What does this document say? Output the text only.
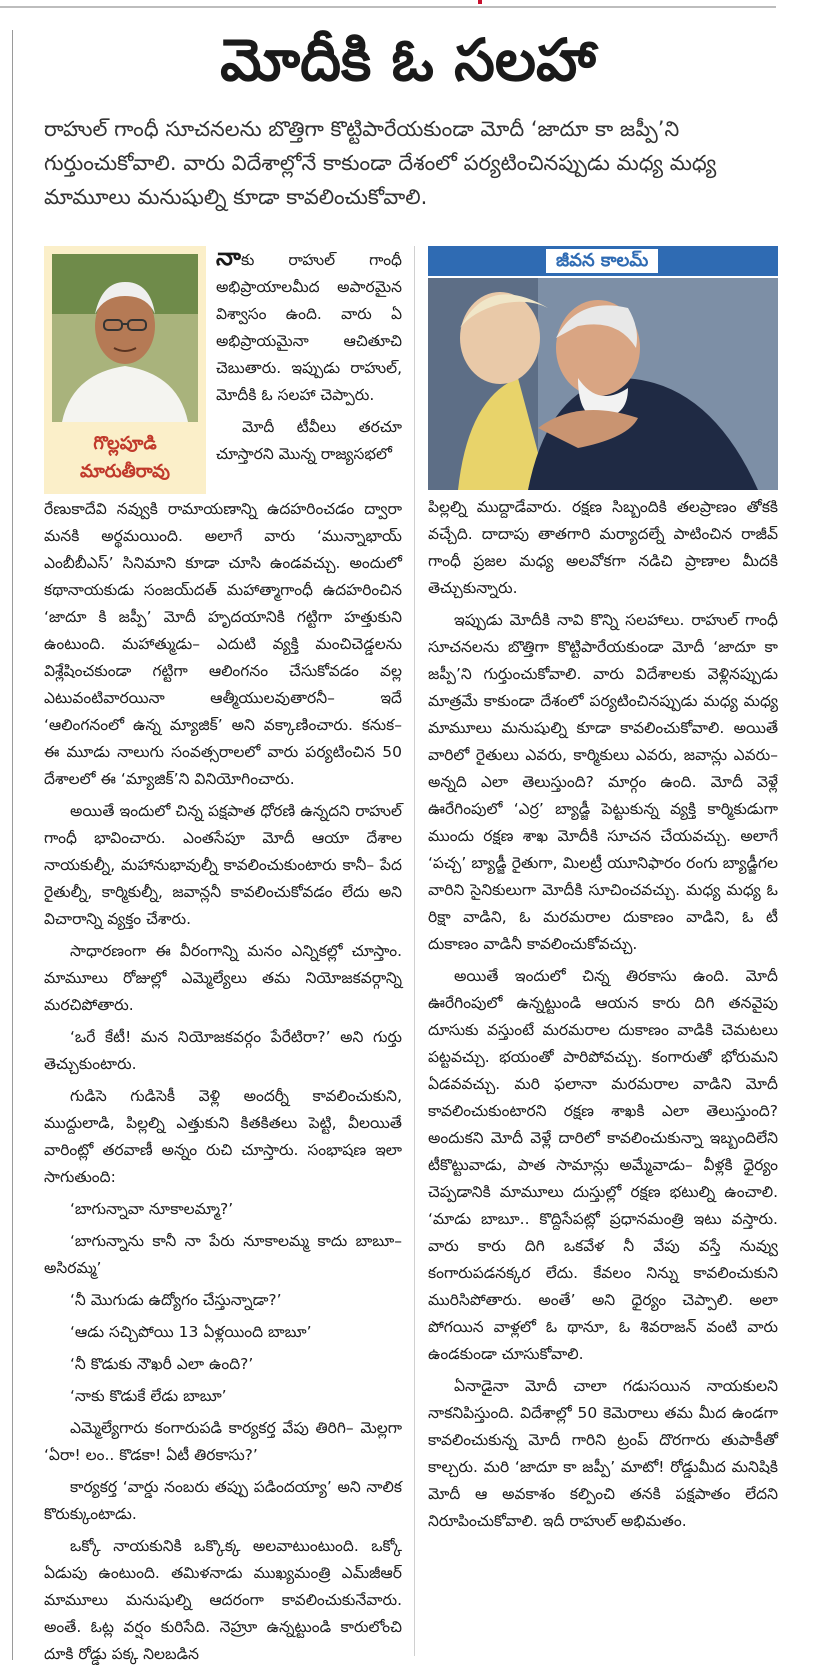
మోదీకి ఓ సలహా
రాహుల్ గాంధీ సూచనలను బొత్తిగా కొట్టిపారేయకుండా మోదీ ‘జాదూ కా జప్పీ’ని గుర్తుంచుకోవాలి. వారు విదేశాల్లోనే కాకుండా దేశంలో పర్యటించినప్పుడు మధ్య మధ్య మామూలు మనుషుల్ని కూడా కావలించుకోవాలి.
గొల్లపూడి
మారుతీరావు

నాకు రాహుల్ గాంధీ అభిప్రాయాలమీద అపారమైన విశ్వాసం ఉంది. వారు ఏ అభిప్రాయమైనా ఆచితూచి చెబుతారు. ఇప్పుడు రాహుల్, మోదీకి ఓ సలహా చెప్పారు.

మోదీ టీవీలు తరచూ చూస్తారని మొన్న రాజ్యసభలో

రేణుకాదేవి నవ్వుకి రామాయణాన్ని ఉదహరించడం ద్వారా మనకి అర్థమయింది. అలాగే వారు ‘మున్నాభాయ్ ఎంబీబీఎస్’ సినిమాని కూడా చూసి ఉండవచ్చు. అందులో కథానాయకుడు సంజయ్‌దత్ మహాత్మాగాంధీ ఉదహరించిన ‘జాదూ కి జప్పీ’ మోదీ హృదయానికి గట్టిగా హత్తుకుని ఉంటుంది. మహాత్ముడు– ఎదుటి వ్యక్తి మంచిచెడ్డలను విశ్లేషించకుండా గట్టిగా ఆలింగనం చేసుకోవడం వల్ల ఎటువంటివారయినా ఆత్మీయులవుతారనీ– ఇదే ‘ఆలింగనంలో ఉన్న మ్యాజిక్’ అని వక్కాణించారు. కనుక– ఈ మూడు నాలుగు సంవత్సరాలలో వారు పర్యటించిన 50 దేశాలలో ఈ ‘మ్యాజిక్’ని వినియోగించారు.

అయితే ఇందులో చిన్న పక్షపాత ధోరణి ఉన్నదని రాహుల్ గాంధీ భావించారు. ఎంతసేపూ మోదీ ఆయా దేశాల నాయకుల్నీ, మహానుభావుల్నీ కావలించుకుంటారు కానీ– పేద రైతుల్నీ, కార్మికుల్నీ, జవాన్లనీ కావలించుకోవడం లేదు అని విచారాన్ని వ్యక్తం చేశారు.

సాధారణంగా ఈ వీరంగాన్ని మనం ఎన్నికల్లో చూస్తాం. మామూలు రోజుల్లో ఎమ్మెల్యేలు తమ నియోజకవర్గాన్ని మరచిపోతారు.

‘ఒరే కేటీ! మన నియోజకవర్గం పేరేటిరా?’ అని గుర్తు తెచ్చుకుంటారు.

గుడిసె గుడిసెకీ వెళ్లి అందర్నీ కావలించుకుని, ముద్దులాడి, పిల్లల్ని ఎత్తుకుని కితకితలు పెట్టి, వీలయితే వారింట్లో తరవాణీ అన్నం రుచి చూస్తారు. సంభాషణ ఇలా సాగుతుంది:

‘బాగున్నావా నూకాలమ్మా?’

‘బాగున్నాను కానీ నా పేరు నూకాలమ్మ కాదు బాబూ– అసిరమ్మ’

‘నీ మొగుడు ఉద్యోగం చేస్తున్నాడా?’

‘ఆడు సచ్చిపోయి 13 ఏళ్లయింది బాబూ’

‘నీ కొడుకు నౌఖరీ ఎలా ఉంది?’

‘నాకు కొడుకే లేడు బాబూ’

ఎమ్మెల్యేగారు కంగారుపడి కార్యకర్త వేపు తిరిగి– మెల్లగా ‘ఏరా! లం.. కొడకా! ఏటీ తిరకాసు?’

కార్యకర్త ‘వార్డు నంబరు తప్పు పడిందయ్యా’ అని నాలిక కొరుక్కుంటాడు.

ఒక్కో నాయకునికి ఒక్కొక్క అలవాటుంటుంది. ఒక్కో ఏడుపు ఉంటుంది. తమిళనాడు ముఖ్యమంత్రి ఎమ్‌జీఆర్ మామూలు మనుషుల్ని ఆదరంగా కావలించుకునేవారు. అంతే. ఓట్ల వర్షం కురిసేది. నెహ్రూ ఉన్నట్టుండి కారులోంచి దూకి రోడ్డు పక్క నిలబడిన

జీవన కాలమ్

పిల్లల్ని ముద్దాడేవారు. రక్షణ సిబ్బందికి తలప్రాణం తోకకి వచ్చేది. దాదాపు తాతగారి మర్యాదల్నే పాటించిన రాజీవ్ గాంధీ ప్రజల మధ్య అలవోకగా నడిచి ప్రాణాల మీదకి తెచ్చుకున్నారు.

ఇప్పుడు మోదీకి నావి కొన్ని సలహాలు. రాహుల్ గాంధీ సూచనలను బొత్తిగా కొట్టిపారేయకుండా మోదీ ‘జాదూ కా జప్పీ’ని గుర్తుంచుకోవాలి. వారు విదేశాలకు వెళ్లినప్పుడు మాత్రమే కాకుండా దేశంలో పర్యటించినప్పుడు మధ్య మధ్య మామూలు మనుషుల్ని కూడా కావలించుకోవాలి. అయితే వారిలో రైతులు ఎవరు, కార్మికులు ఎవరు, జవాన్లు ఎవరు– అన్నది ఎలా తెలుస్తుంది? మార్గం ఉంది. మోదీ వెళ్లే ఊరేగింపులో ‘ఎర్ర’ బ్యాడ్జీ పెట్టుకున్న వ్యక్తి కార్మికుడుగా ముందు రక్షణ శాఖ మోదీకి సూచన చేయవచ్చు. అలాగే ‘పచ్చ’ బ్యాడ్జీ రైతుగా, మిలట్రీ యూనిఫారం రంగు బ్యాడ్జీగల వారిని సైనికులుగా మోదీకి సూచించవచ్చు. మధ్య మధ్య ఓ రిక్షా వాడిని, ఓ మరమరాల దుకాణం వాడిని, ఓ టీ దుకాణం వాడినీ కావలించుకోవచ్చు.

అయితే ఇందులో చిన్న తిరకాసు ఉంది. మోదీ ఊరేగింపులో ఉన్నట్టుండి ఆయన కారు దిగి తనవైపు దూసుకు వస్తుంటే మరమరాల దుకాణం వాడికి చెమటలు పట్టవచ్చు. భయంతో పారిపోవచ్చు. కంగారుతో భోరుమని ఏడవవచ్చు. మరి ఫలానా మరమరాల వాడిని మోదీ కావలించుకుంటారని రక్షణ శాఖకి ఎలా తెలుస్తుంది? అందుకని మోదీ వెళ్లే దారిలో కావలించుకున్నా ఇబ్బందిలేని టీకొట్టువాడు, పాత సామాన్లు అమ్మేవాడు– వీళ్లకి ధైర్యం చెప్పడానికి మామూలు దుస్తుల్లో రక్షణ భటుల్ని ఉంచాలి. ‘మాడు బాబూ.. కొద్దిసేపట్లో ప్రధానమంత్రి ఇటు వస్తారు. వారు కారు దిగి ఒకవేళ నీ వేపు వస్తే నువ్వు కంగారుపడనక్కర లేదు. కేవలం నిన్ను కావలించుకుని మురిసిపోతారు. అంతే’ అని ధైర్యం చెప్పాలి. అలా పోగయిన వాళ్లలో ఓ థానూ, ఓ శివరాజన్ వంటి వారు ఉండకుండా చూసుకోవాలి.

ఏనాడైనా మోదీ చాలా గడుసయిన నాయకులని నాకనిపిస్తుంది. విదేశాల్లో 50 కెమెరాలు తమ మీద ఉండగా కావలించుకున్న మోదీ గారిని ట్రంప్ దొరగారు తుపాకీతో కాల్చరు. మరి ‘జాదూ కా జప్పీ’ మాటో! రోడ్డుమీద మనిషికి మోదీ ఆ అవకాశం కల్పించి తనకి పక్షపాతం లేదని నిరూపించుకోవాలి. ఇదీ రాహుల్ అభిమతం.
